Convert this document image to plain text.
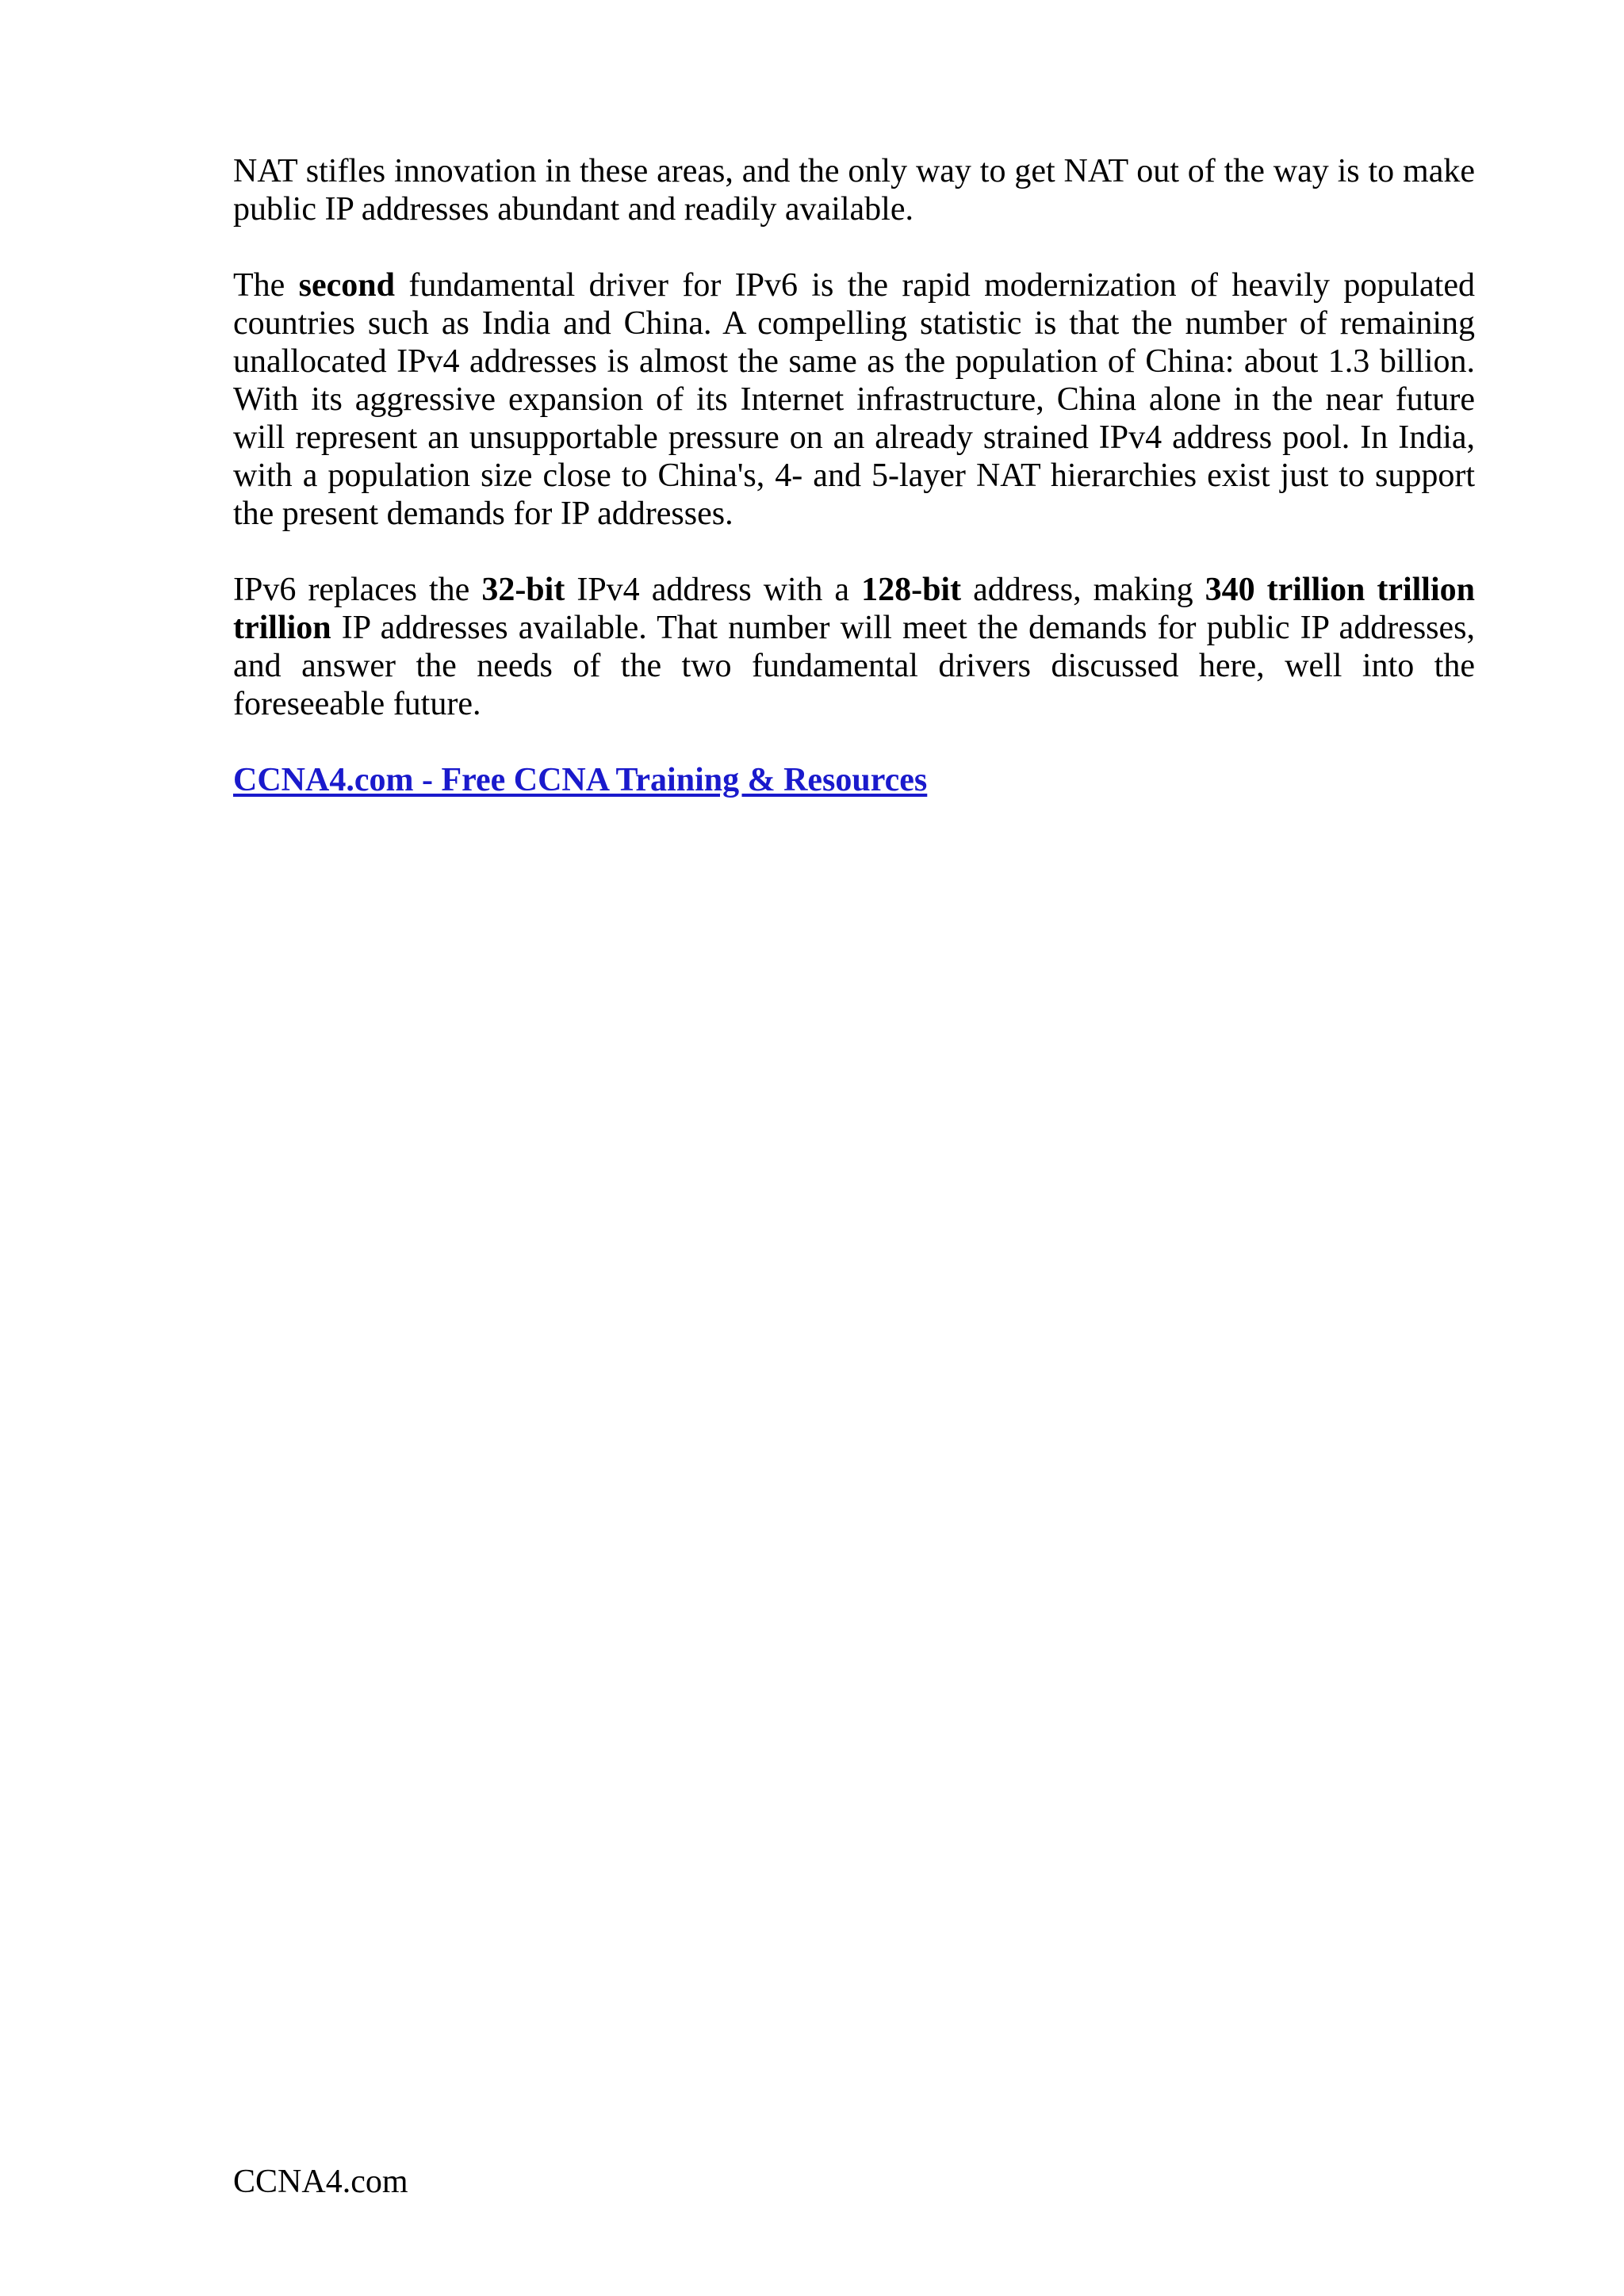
NAT stifles innovation in these areas, and the only way to get NAT out of the way is to make public IP addresses abundant and readily available.

The second fundamental driver for IPv6 is the rapid modernization of heavily populated countries such as India and China. A compelling statistic is that the number of remaining unallocated IPv4 addresses is almost the same as the population of China: about 1.3 billion. With its aggressive expansion of its Internet infrastructure, China alone in the near future will represent an unsupportable pressure on an already strained IPv4 address pool. In India, with a population size close to China's, 4- and 5-layer NAT hierarchies exist just to support the present demands for IP addresses.

IPv6 replaces the 32-bit IPv4 address with a 128-bit address, making 340 trillion trillion trillion IP addresses available. That number will meet the demands for public IP addresses, and answer the needs of the two fundamental drivers discussed here, well into the foreseeable future.

CCNA4.com - Free CCNA Training & Resources

CCNA4.com
